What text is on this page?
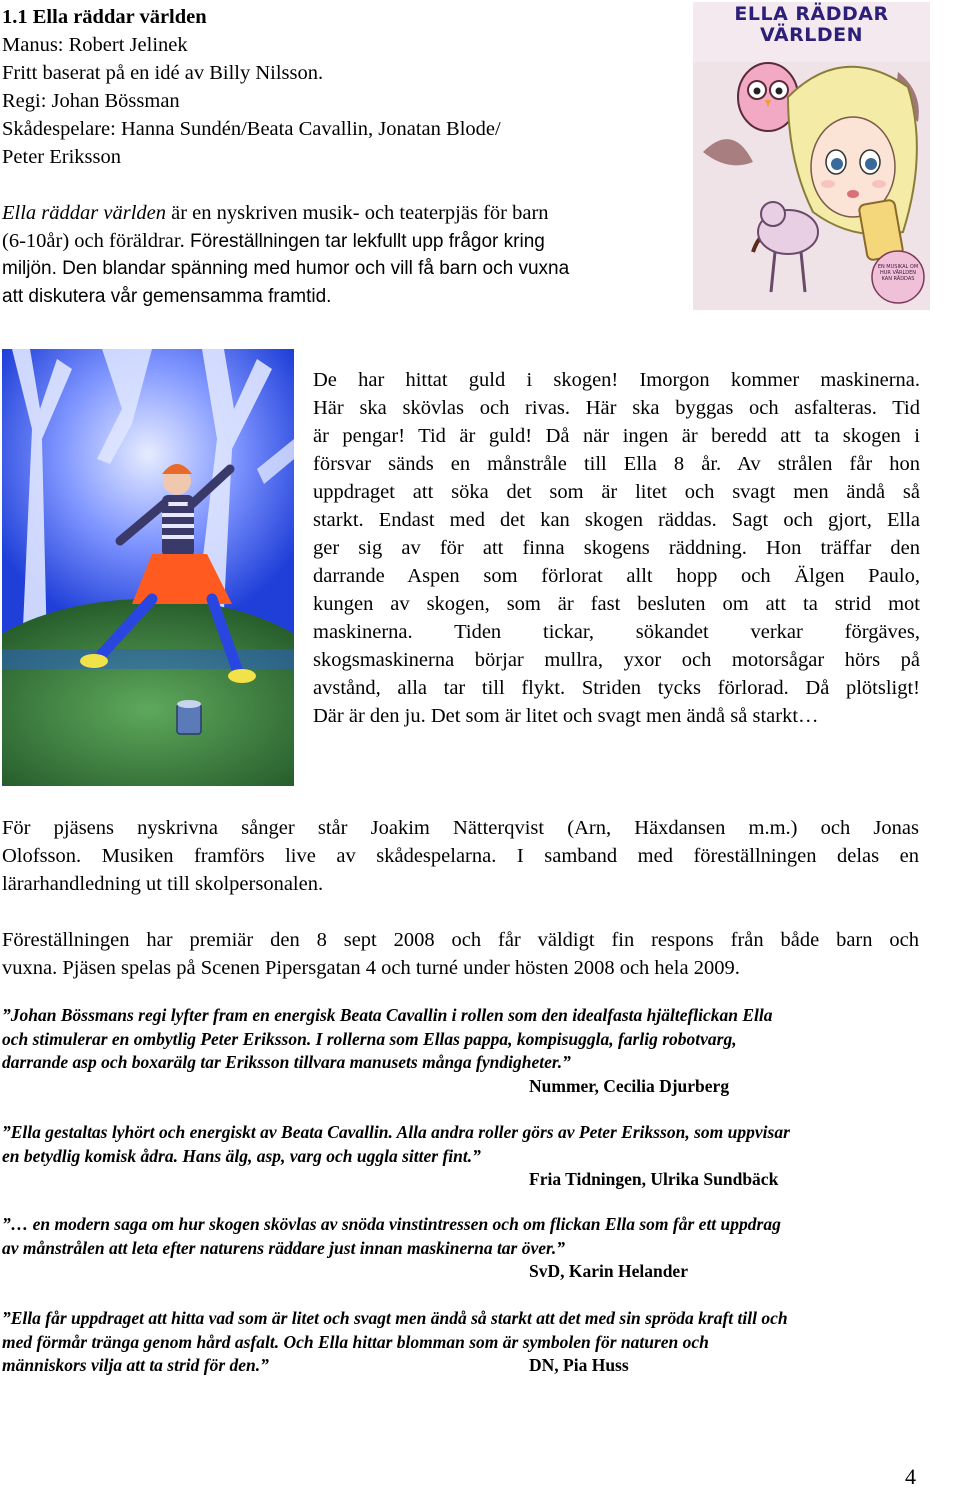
1.1 Ella räddar världen
Manus: Robert Jelinek
Fritt baserat på en idé av Billy Nilsson.
Regi: Johan Bössman
Skådespelare: Hanna Sundén/Beata Cavallin, Jonatan Blode/
Peter Eriksson
Ella räddar världen är en nyskriven musik- och teaterpjäs för barn
(6-10år) och föräldrar. Föreställningen tar lekfullt upp frågor kring
miljön. Den blandar spänning med humor och vill få barn och vuxna
att diskutera vår gemensamma framtid.
ELLA RÄDDAR
VÄRLDEN
EN MUSIKAL OM
HUR VÄRLDEN
KAN RÄDDAS
De har hittat guld i skogen! Imorgon kommer maskinerna.
Här ska skövlas och rivas. Här ska byggas och asfalteras. Tid
är pengar! Tid är guld! Då när ingen är beredd att ta skogen i
försvar sänds en månstråle till Ella 8 år. Av strålen får hon
uppdraget att söka det som är litet och svagt men ändå så
starkt. Endast med det kan skogen räddas. Sagt och gjort, Ella
ger sig av för att finna skogens räddning. Hon träffar den
darrande Aspen som förlorat allt hopp och Älgen Paulo,
kungen av skogen, som är fast besluten om att ta strid mot
maskinerna. Tiden tickar, sökandet verkar förgäves,
skogsmaskinerna börjar mullra, yxor och motorsågar hörs på
avstånd, alla tar till flykt. Striden tycks förlorad. Då plötsligt!
Där är den ju. Det som är litet och svagt men ändå så starkt…
För pjäsens nyskrivna sånger står Joakim Nätterqvist (Arn, Häxdansen m.m.) och Jonas
Olofsson. Musiken framförs live av skådespelarna. I samband med föreställningen delas en
lärarhandledning ut till skolpersonalen.
Föreställningen har premiär den 8 sept 2008 och får väldigt fin respons från både barn och
vuxna. Pjäsen spelas på Scenen Pipersgatan 4 och turné under hösten 2008 och hela 2009.
”Johan Bössmans regi lyfter fram en energisk Beata Cavallin i rollen som den idealfasta hjälteflickan Ella
och stimulerar en ombytlig Peter Eriksson. I rollerna som Ellas pappa, kompisuggla, farlig robotvarg,
darrande asp och boxarälg tar Eriksson tillvara manusets många fyndigheter.”
Nummer, Cecilia Djurberg
”Ella gestaltas lyhört och energiskt av Beata Cavallin. Alla andra roller görs av Peter Eriksson, som uppvisar
en betydlig komisk ådra. Hans älg, asp, varg och uggla sitter fint.”
Fria Tidningen, Ulrika Sundbäck
”… en modern saga om hur skogen skövlas av snöda vinstintressen och om flickan Ella som får ett uppdrag
av månstrålen att leta efter naturens räddare just innan maskinerna tar över.”
SvD, Karin Helander
”Ella får uppdraget att hitta vad som är litet och svagt men ändå så starkt att det med sin spröda kraft till och
med förmår tränga genom hård asfalt. Och Ella hittar blomman som är symbolen för naturen och
människors vilja att ta strid för den.”	DN, Pia Huss
4
